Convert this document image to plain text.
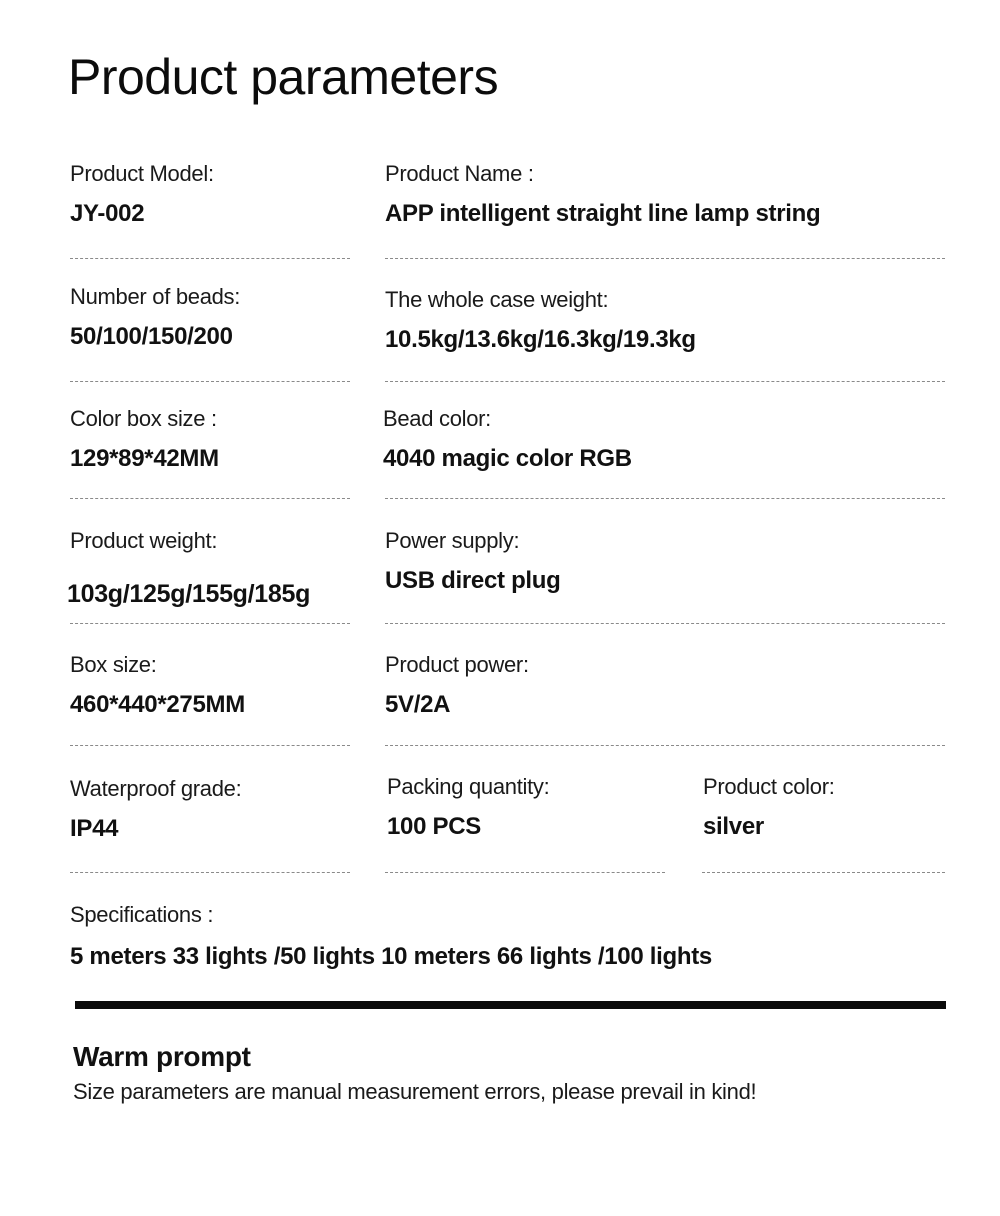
Product parameters
Product Model:
JY-002
Product Name :
APP intelligent straight line lamp string
Number of beads:
50/100/150/200
The whole case weight:
10.5kg/13.6kg/16.3kg/19.3kg
Color box size :
129*89*42MM
Bead color:
4040 magic color RGB
Product weight:
103g/125g/155g/185g
Power supply:
USB direct plug
Box size:
460*440*275MM
Product power:
5V/2A
Waterproof grade:
IP44
Packing quantity:
100 PCS
Product color:
silver
Specifications :
5 meters 33 lights /50 lights 10 meters 66 lights /100 lights
Warm prompt
Size parameters are manual measurement errors, please prevail in kind!
